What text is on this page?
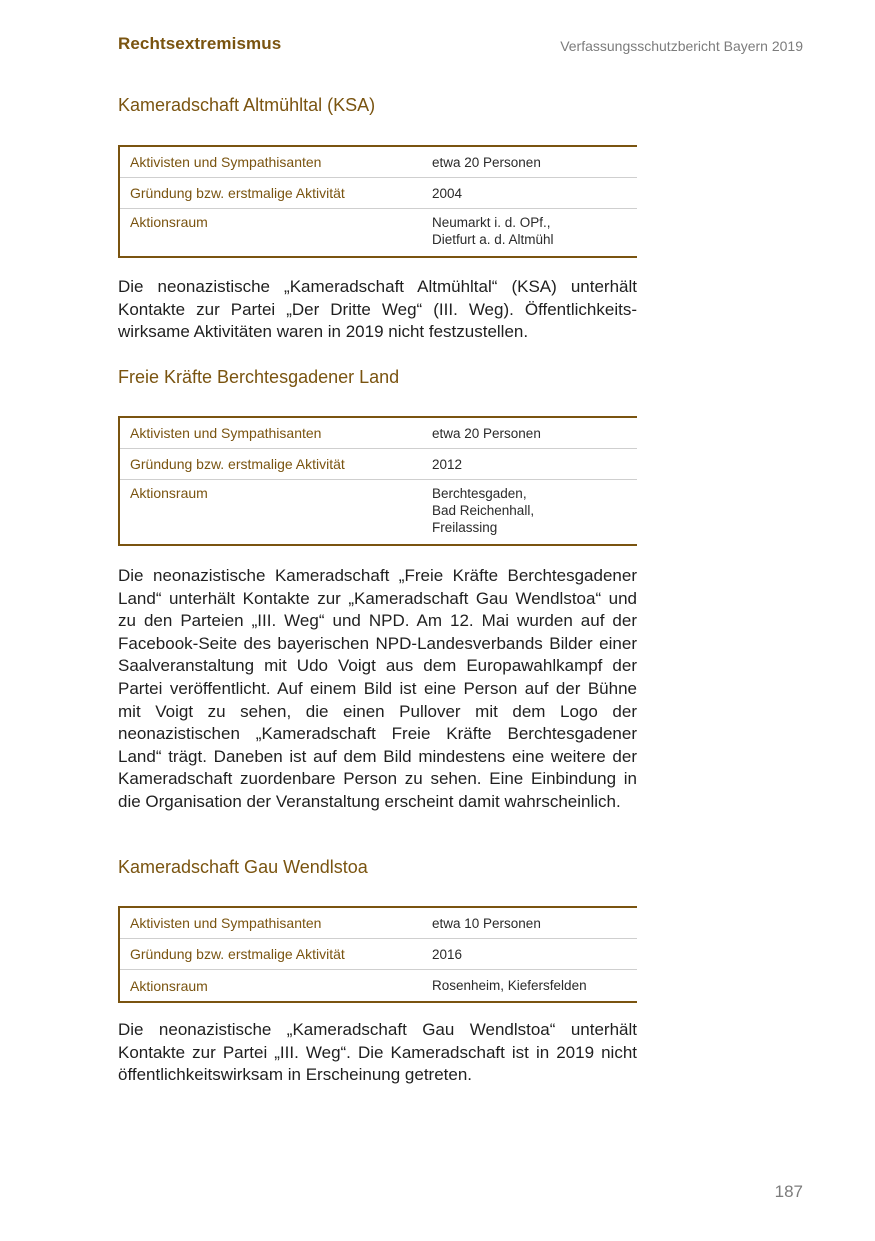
Rechtsextremismus	Verfassungsschutzbericht Bayern 2019
Kameradschaft Altmühltal (KSA)
Aktivisten und Sympathisanten	etwa 20 Personen
Gründung bzw. erstmalige Aktivität	2004
Aktionsraum	Neumarkt i. d. OPf.,
Dietfurt a. d. Altmühl

Die neonazistische „Kameradschaft Altmühltal“ (KSA) unterhält Kontakte zur Partei „Der Dritte Weg“ (III. Weg). Öffentlichkeitswirksame Aktivitäten waren in 2019 nicht festzustellen.

Freie Kräfte Berchtesgadener Land
Aktivisten und Sympathisanten	etwa 20 Personen
Gründung bzw. erstmalige Aktivität	2012
Aktionsraum	Berchtesgaden,
Bad Reichenhall,
Freilassing

Die neonazistische Kameradschaft „Freie Kräfte Berchtesgadener Land“ unterhält Kontakte zur „Kameradschaft Gau Wendlstoa“ und zu den Parteien „III. Weg“ und NPD. Am 12. Mai wurden auf der Facebook-Seite des bayerischen NPD-Landesverbands Bilder einer Saalveranstaltung mit Udo Voigt aus dem Europawahlkampf der Partei veröffentlicht. Auf einem Bild ist eine Person auf der Bühne mit Voigt zu sehen, die einen Pullover mit dem Logo der neonazistischen „Kameradschaft Freie Kräfte Berchtesgadener Land“ trägt. Daneben ist auf dem Bild mindestens eine weitere der Kameradschaft zuordenbare Person zu sehen. Eine Einbindung in die Organisation der Veranstaltung erscheint damit wahrscheinlich.

Kameradschaft Gau Wendlstoa
Aktivisten und Sympathisanten	etwa 10 Personen
Gründung bzw. erstmalige Aktivität	2016
Aktionsraum	Rosenheim, Kiefersfelden

Die neonazistische „Kameradschaft Gau Wendlstoa“ unterhält Kontakte zur Partei „III. Weg“. Die Kameradschaft ist in 2019 nicht öffentlichkeitswirksam in Erscheinung getreten.

187
